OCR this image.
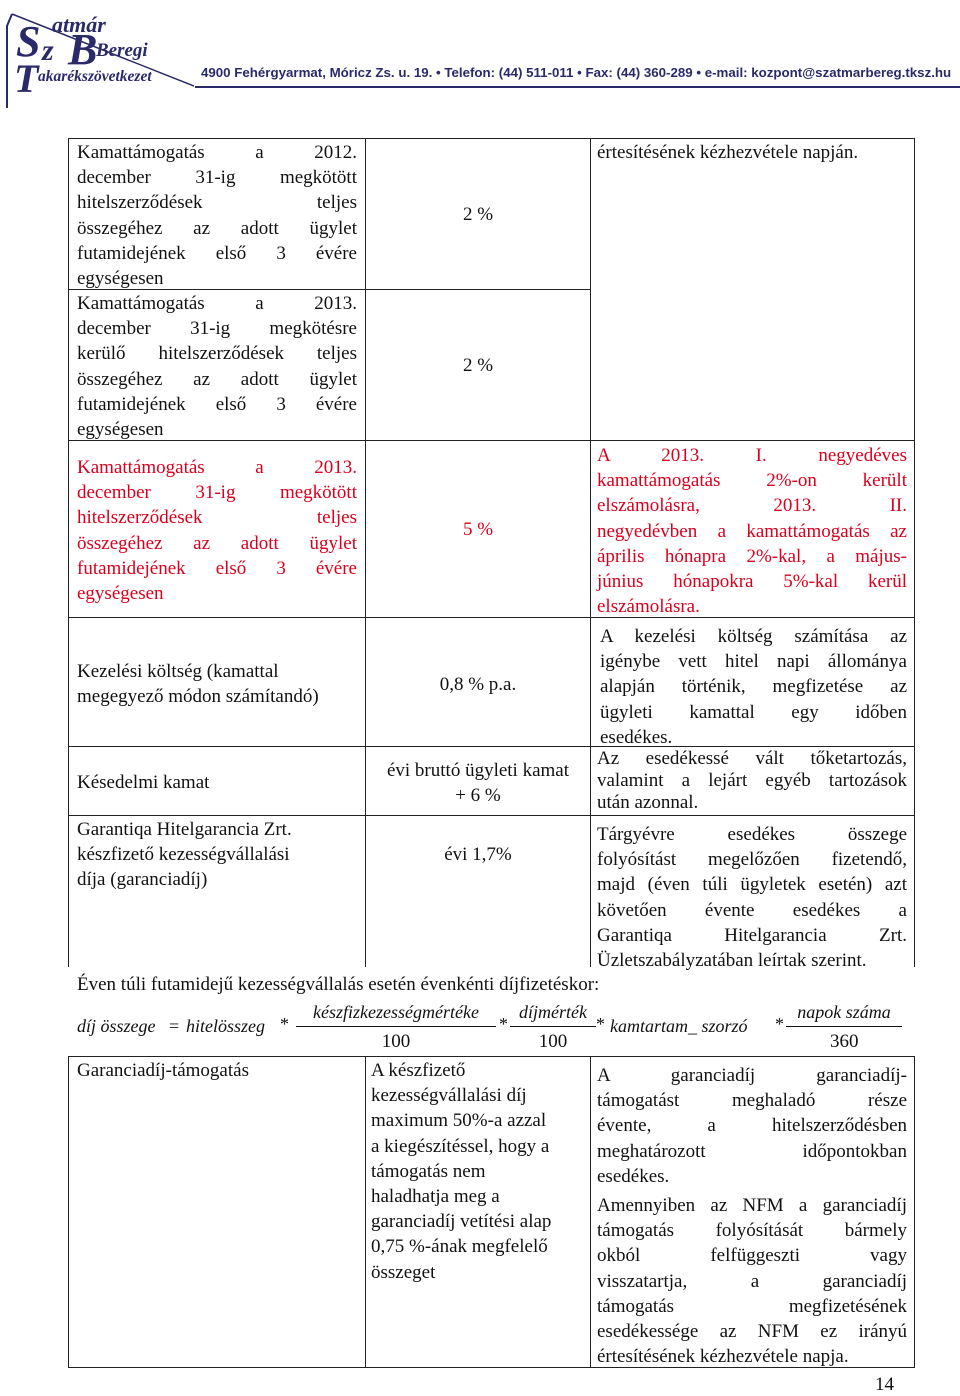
S z B
T
atmár
Beregi
akarékszövetkezet	4900 Fehérgyarmat, Móricz Zs. u. 19. • Telefon: (44) 511-011 • Fax: (44) 360-289 • e-mail: kozpont@szatmarbereg.tksz.hu
Kamattámogatás a 2012.
december 31-ig megkötött
hitelszerződések teljes
összegéhez az adott ügylet
futamidejének első 3 évére
egységesen
2 %
értesítésének kézhezvétele napján.
Kamattámogatás a 2013.
december 31-ig megkötésre
kerülő hitelszerződések teljes
összegéhez az adott ügylet
futamidejének első 3 évére
egységesen
2 %
Kamattámogatás a 2013.
december 31-ig megkötött
hitelszerződések teljes
összegéhez az adott ügylet
futamidejének első 3 évére
egységesen
5 %
A 2013. I. negyedéves
kamattámogatás 2%-on került
elszámolásra, 2013. II.
negyedévben a kamattámogatás az
április hónapra 2%-kal, a május-
június hónapokra 5%-kal kerül
elszámolásra.
Kezelési költség (kamattal
megegyező módon számítandó)
0,8 % p.a.
A kezelési költség számítása az
igénybe vett hitel napi állománya
alapján történik, megfizetése az
ügyleti kamattal egy időben
esedékes.
Késedelmi kamat
évi bruttó ügyleti kamat
+ 6 %
Az esedékessé vált tőketartozás,
valamint a lejárt egyéb tartozások
után azonnal.
Garantiqa Hitelgarancia Zrt.
készfizető kezességvállalási
díja (garanciadíj)
évi 1,7%
Tárgyévre esedékes összege
folyósítást megelőzően fizetendő,
majd (éven túli ügyletek esetén) azt
követően évente esedékes a
Garantiqa Hitelgarancia Zrt.
Üzletszabályzatában leírtak szerint.
Éven túli futamidejű kezességvállalás esetén évenkénti díjfizetéskor:
díj összege = hitelösszeg *
készfizkezességmértéke
100
*
díjmérték
100
* kamtartam_ szorzó *
napok száma
360
Garanciadíj-támogatás	A készfizető
kezességvállalási díj
maximum 50%-a azzal
a kiegészítéssel, hogy a
támogatás nem
haladhatja meg a
garanciadíj vetítési alap
0,75 %-ának megfelelő
összeget
A garanciadíj garanciadíj-
támogatást meghaladó része
évente, a hitelszerződésben
meghatározott időpontokban
esedékes.
Amennyiben az NFM a garanciadíj
támogatás folyósítását bármely
okból felfüggeszti vagy
visszatartja, a garanciadíj
támogatás megfizetésének
esedékessége az NFM ez irányú
értesítésének kézhezvétele napja.
14
